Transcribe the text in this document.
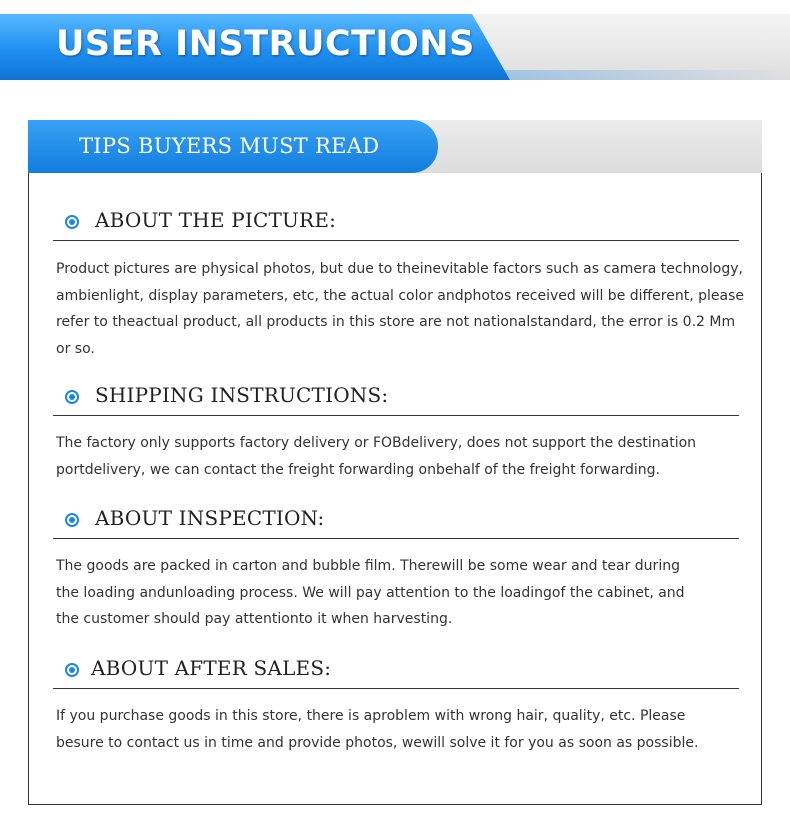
USER INSTRUCTIONS
TIPS BUYERS MUST READ
ABOUT THE PICTURE:
Product pictures are physical photos, but due to theinevitable factors such as camera technology, ambienlight, display parameters, etc, the actual color andphotos received will be different, please refer to theactual product, all products in this store are not nationalstandard, the error is 0.2 Mm or so.
SHIPPING INSTRUCTIONS:
The factory only supports factory delivery or FOBdelivery, does not support the destination portdelivery, we can contact the freight forwarding onbehalf of the freight forwarding.
ABOUT INSPECTION:
The goods are packed in carton and bubble film. Therewill be some wear and tear during the loading andunloading process. We will pay attention to the loadingof the cabinet, and the customer should pay attentionto it when harvesting.
ABOUT AFTER SALES:
If you purchase goods in this store, there is aproblem with wrong hair, quality, etc. Please besure to contact us in time and provide photos, wewill solve it for you as soon as possible.
